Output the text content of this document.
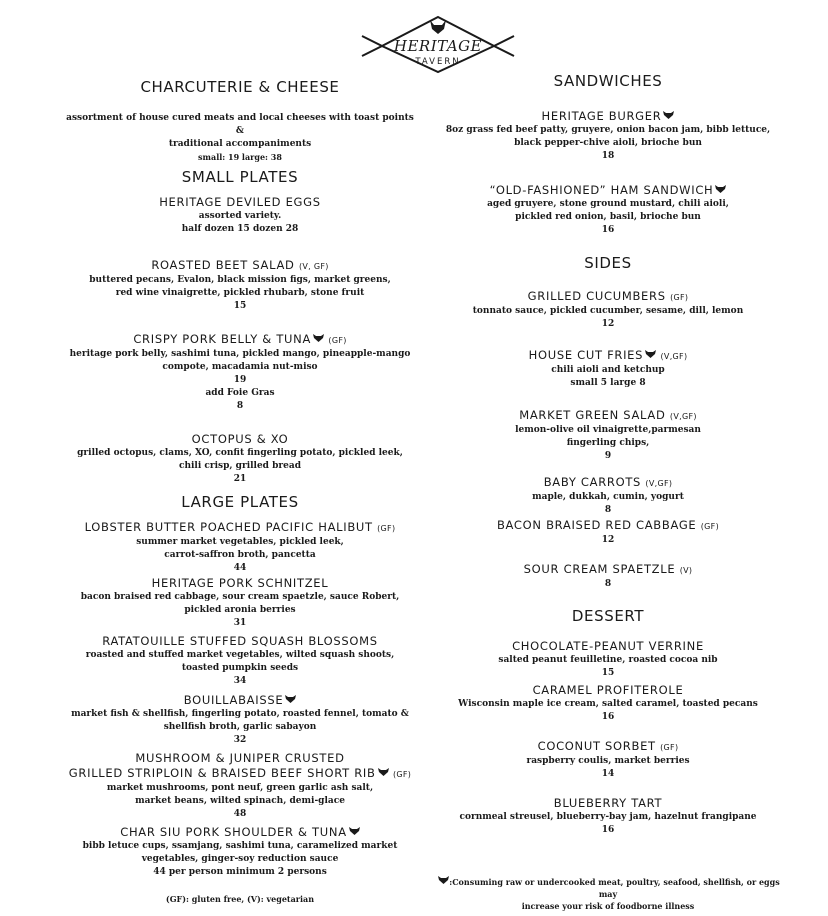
HERITAGE
TAVERN
CHARCUTERIE & CHEESE
assortment of house cured meats and local cheeses with toast points &
traditional accompaniments
small: 19 large: 38
SMALL PLATES
HERITAGE DEVILED EGGS
assorted variety.
half dozen 15 dozen 28
ROASTED BEET SALAD (V, GF)
buttered pecans, Evalon, black mission figs, market greens,
red wine vinaigrette, pickled rhubarb, stone fruit
15
CRISPY PORK BELLY & TUNA (GF)
heritage pork belly, sashimi tuna, pickled mango, pineapple-mango
compote, macadamia nut-miso
19
add Foie Gras
8
OCTOPUS & XO
grilled octopus, clams, XO, confit fingerling potato, pickled leek,
chili crisp, grilled bread
21
LARGE PLATES
LOBSTER BUTTER POACHED PACIFIC HALIBUT (GF)
summer market vegetables, pickled leek,
carrot-saffron broth, pancetta
44
HERITAGE PORK SCHNITZEL
bacon braised red cabbage, sour cream spaetzle, sauce Robert,
pickled aronia berries
31
RATATOUILLE STUFFED SQUASH BLOSSOMS
roasted and stuffed market vegetables, wilted squash shoots,
toasted pumpkin seeds
34
BOUILLABAISSE
market fish & shellfish, fingerling potato, roasted fennel, tomato &
shellfish broth, garlic sabayon
32
MUSHROOM & JUNIPER CRUSTED
GRILLED STRIPLOIN & BRAISED BEEF SHORT RIB (GF)
market mushrooms, pont neuf, green garlic ash salt,
market beans, wilted spinach, demi-glace
48
CHAR SIU PORK SHOULDER & TUNA
bibb letuce cups, ssamjang, sashimi tuna, caramelized market
vegetables, ginger-soy reduction sauce
44 per person minimum 2 persons
(GF): gluten free, (V): vegetarian
SANDWICHES
HERITAGE BURGER
8oz grass fed beef patty, gruyere, onion bacon jam, bibb lettuce,
black pepper-chive aioli, brioche bun
18
“OLD-FASHIONED” HAM SANDWICH
aged gruyere, stone ground mustard, chili aioli,
pickled red onion, basil, brioche bun
16
SIDES
GRILLED CUCUMBERS (GF)
tonnato sauce, pickled cucumber, sesame, dill, lemon
12
HOUSE CUT FRIES (V,GF)
chili aioli and ketchup
small 5 large 8
MARKET GREEN SALAD (V,GF)
lemon-olive oil vinaigrette,parmesan
fingerling chips,
9
BABY CARROTS (V,GF)
maple, dukkah, cumin, yogurt
8
BACON BRAISED RED CABBAGE (GF)
12
SOUR CREAM SPAETZLE (V)
8
DESSERT
CHOCOLATE-PEANUT VERRINE
salted peanut feuilletine, roasted cocoa nib
15
CARAMEL PROFITEROLE
Wisconsin maple ice cream, salted caramel, toasted pecans
16
COCONUT SORBET (GF)
raspberry coulis, market berries
14
BLUEBERRY TART
cornmeal streusel, blueberry-bay jam, hazelnut frangipane
16
:Consuming raw or undercooked meat, poultry, seafood, shellfish, or eggs may
increase your risk of foodborne illness
